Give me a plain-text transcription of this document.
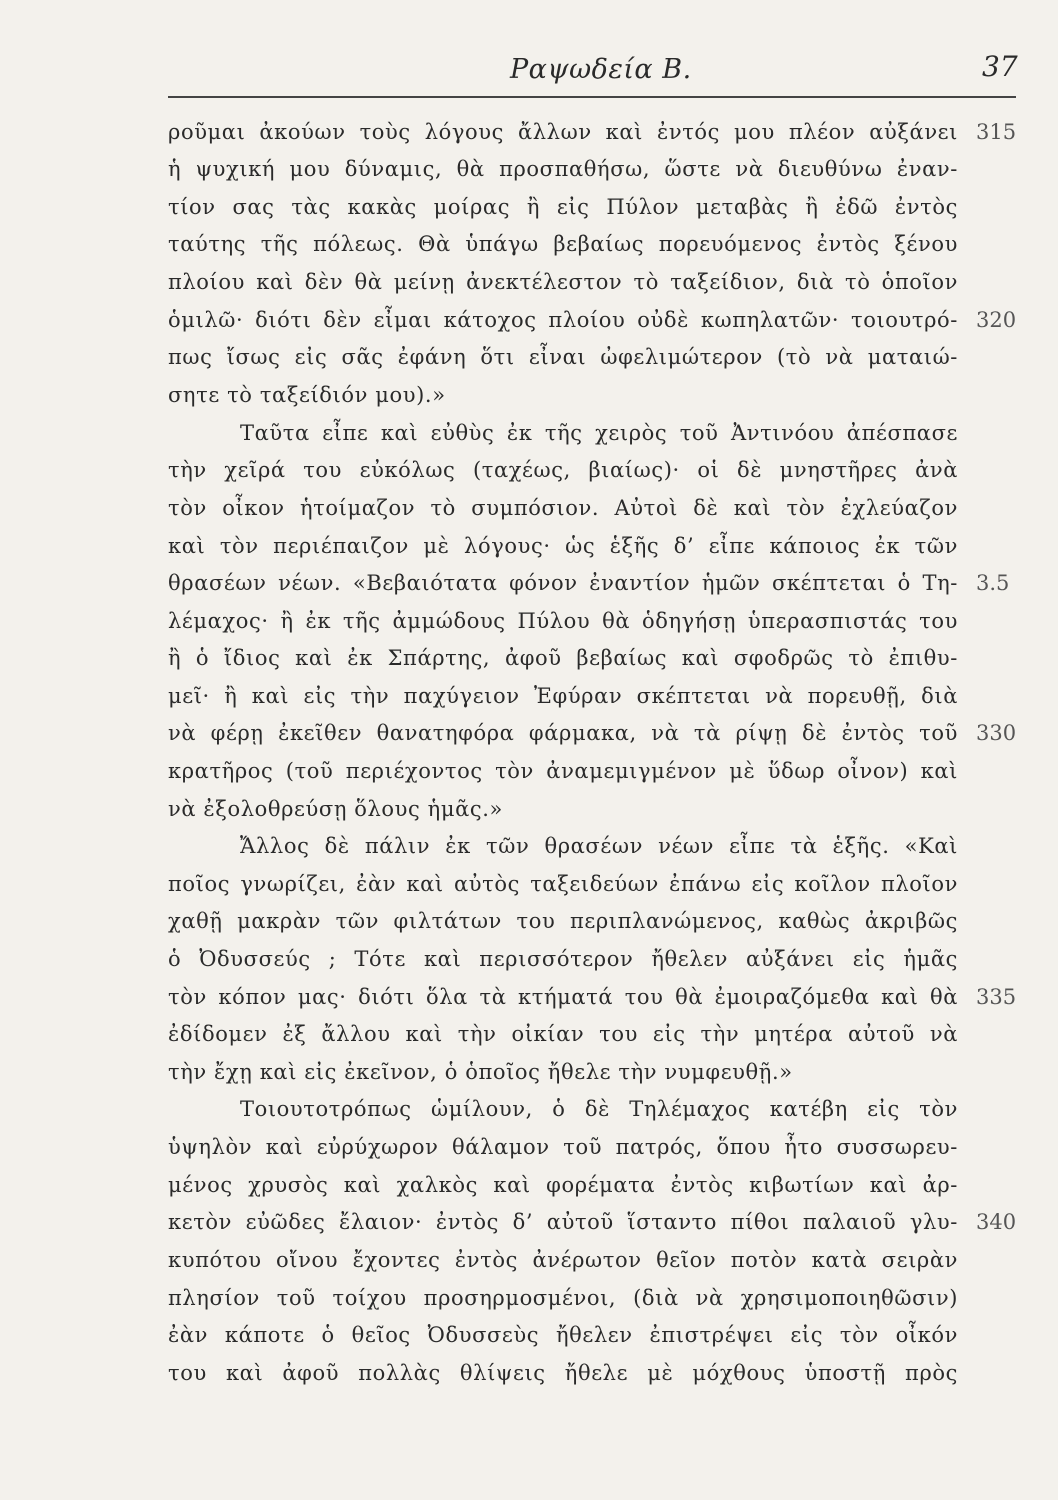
Ραψωδεία Β.	37
ροῦμαι ἀκούων τοὺς λόγους ἄλλων καὶ ἐντός μου πλέον αὐξάνει
ἡ ψυχική μου δύναμις, θὰ προσπαθήσω, ὥστε νὰ διευθύνω ἐναν-
τίον σας τὰς κακὰς μοίρας ἢ εἰς Πύλον μεταβὰς ἢ ἐδῶ ἐντὸς
ταύτης τῆς πόλεως. Θὰ ὑπάγω βεβαίως πορευόμενος ἐντὸς ξένου
πλοίου καὶ δὲν θὰ μείνῃ ἀνεκτέλεστον τὸ ταξείδιον, διὰ τὸ ὁποῖον
ὁμιλῶ· διότι δὲν εἶμαι κάτοχος πλοίου οὐδὲ κωπηλατῶν· τοιουτρό-
πως ἴσως εἰς σᾶς ἐφάνη ὅτι εἶναι ὠφελιμώτερον (τὸ νὰ ματαιώ-
σητε τὸ ταξείδιόν μου).»
Ταῦτα εἶπε καὶ εὐθὺς ἐκ τῆς χειρὸς τοῦ Ἀντινόου ἀπέσπασε
τὴν χεῖρά του εὐκόλως (ταχέως, βιαίως)· οἱ δὲ μνηστῆρες ἀνὰ
τὸν οἶκον ἡτοίμαζον τὸ συμπόσιον. Αὐτοὶ δὲ καὶ τὸν ἐχλεύαζον
καὶ τὸν περιέπαιζον μὲ λόγους· ὡς ἑξῆς δ’ εἶπε κάποιος ἐκ τῶν
θρασέων νέων. «Βεβαιότατα φόνον ἐναντίον ἡμῶν σκέπτεται ὁ Τη-
λέμαχος· ἢ ἐκ τῆς ἀμμώδους Πύλου θὰ ὁδηγήσῃ ὑπερασπιστάς του
ἢ ὁ ἴδιος καὶ ἐκ Σπάρτης, ἀφοῦ βεβαίως καὶ σφοδρῶς τὸ ἐπιθυ-
μεῖ· ἢ καὶ εἰς τὴν παχύγειον Ἐφύραν σκέπτεται νὰ πορευθῇ, διὰ
νὰ φέρῃ ἐκεῖθεν θανατηφόρα φάρμακα, νὰ τὰ ρίψῃ δὲ ἐντὸς τοῦ
κρατῆρος (τοῦ περιέχοντος τὸν ἀναμεμιγμένον μὲ ὕδωρ οἶνον) καὶ
νὰ ἐξολοθρεύσῃ ὅλους ἡμᾶς.»
Ἄλλος δὲ πάλιν ἐκ τῶν θρασέων νέων εἶπε τὰ ἑξῆς. «Καὶ
ποῖος γνωρίζει, ἐὰν καὶ αὐτὸς ταξειδεύων ἐπάνω εἰς κοῖλον πλοῖον
χαθῇ μακρὰν τῶν φιλτάτων του περιπλανώμενος, καθὼς ἀκριβῶς
ὁ Ὀδυσσεύς ; Τότε καὶ περισσότερον ἤθελεν αὐξάνει εἰς ἡμᾶς
τὸν κόπον μας· διότι ὅλα τὰ κτήματά του θὰ ἐμοιραζόμεθα καὶ θὰ
ἐδίδομεν ἐξ ἄλλου καὶ τὴν οἰκίαν του εἰς τὴν μητέρα αὐτοῦ νὰ
τὴν ἔχῃ καὶ εἰς ἐκεῖνον, ὁ ὁποῖος ἤθελε τὴν νυμφευθῇ.»
Τοιουτοτρόπως ὡμίλουν, ὁ δὲ Τηλέμαχος κατέβη εἰς τὸν
ὑψηλὸν καὶ εὐρύχωρον θάλαμον τοῦ πατρός, ὅπου ἦτο συσσωρευ-
μένος χρυσὸς καὶ χαλκὸς καὶ φορέματα ἐντὸς κιβωτίων καὶ ἀρ-
κετὸν εὐῶδες ἔλαιον· ἐντὸς δ’ αὐτοῦ ἵσταντο πίθοι παλαιοῦ γλυ-
κυπότου οἴνου ἔχοντες ἐντὸς ἀνέρωτον θεῖον ποτὸν κατὰ σειρὰν
πλησίον τοῦ τοίχου προσηρμοσμένοι, (διὰ νὰ χρησιμοποιηθῶσιν)
ἐὰν κάποτε ὁ θεῖος Ὀδυσσεὺς ἤθελεν ἐπιστρέψει εἰς τὸν οἶκόν
του καὶ ἀφοῦ πολλὰς θλίψεις ἤθελε μὲ μόχθους ὑποστῇ πρὸς
315
320
3.5
330
335
340
